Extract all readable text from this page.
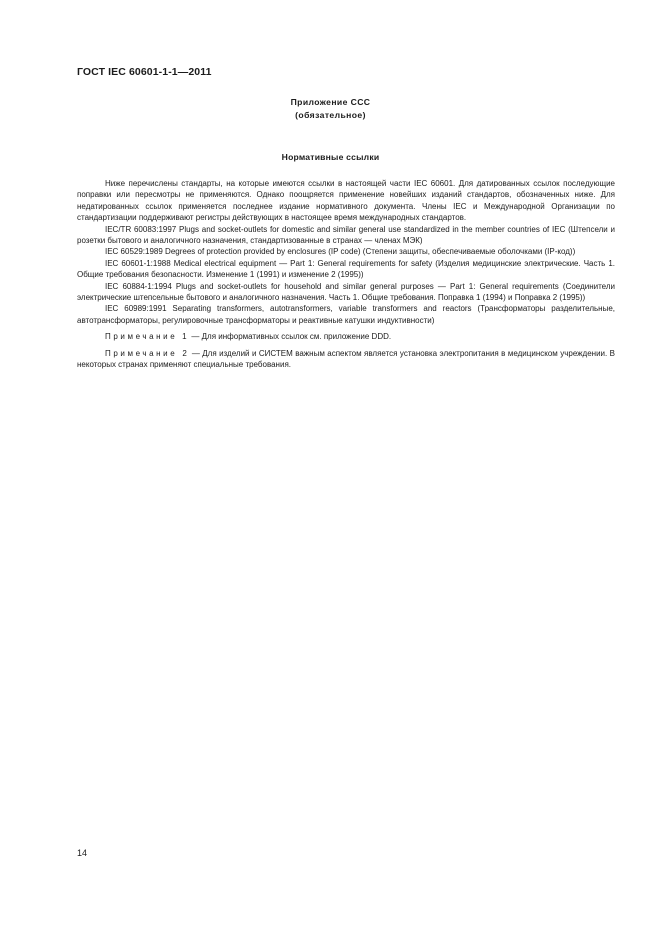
ГОСТ IEC 60601-1-1—2011
Приложение ССС
(обязательное)
Нормативные ссылки

Ниже перечислены стандарты, на которые имеются ссылки в настоящей части IEC 60601. Для датированных ссылок последующие поправки или пересмотры не применяются. Однако поощряется применение новейших изданий стандартов, обозначенных ниже. Для недатированных ссылок применяется последнее издание нормативного документа. Члены IEC и Международной Организации по стандартизации поддерживают регистры действующих в настоящее время международных стандартов.

IEC/TR 60083:1997 Plugs and socket-outlets for domestic and similar general use standardized in the member countries of IEC (Штепсели и розетки бытового и аналогичного назначения, стандартизованные в странах — членах МЭК)

IEC 60529:1989 Degrees of protection provided by enclosures (IP code) (Степени защиты, обеспечиваемые оболочками (IP-код))

IEC 60601-1:1988 Medical electrical equipment — Part 1: General requirements for safety (Изделия медицинские электрические. Часть 1. Общие требования безопасности. Изменение 1 (1991) и изменение 2 (1995))

IEC 60884-1:1994 Plugs and socket-outlets for household and similar general purposes — Part 1: General requirements (Соединители электрические штепсельные бытового и аналогичного назначения. Часть 1. Общие требования. Поправка 1 (1994) и Поправка 2 (1995))

IEC 60989:1991 Separating transformers, autotransformers, variable transformers and reactors (Трансформаторы разделительные, автотрансформаторы, регулировочные трансформаторы и реактивные катушки индуктивности)

Примечание 1 — Для информативных ссылок см. приложение DDD.

Примечание 2 — Для изделий и СИСТЕМ важным аспектом является установка электропитания в медицинском учреждении. В некоторых странах применяют специальные требования.

14
